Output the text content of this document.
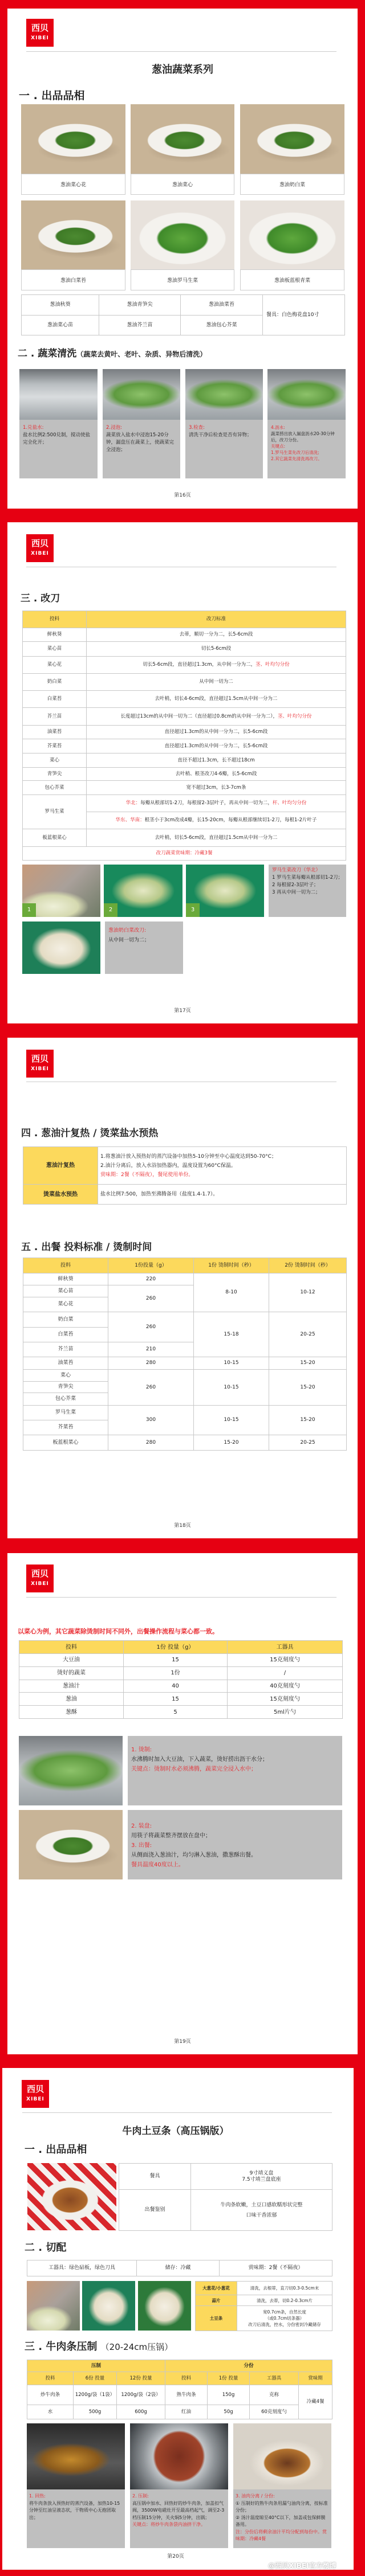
西贝
XIBEI
西贝
XIBEI
西贝
XIBEI
西贝
XIBEI
西贝
XIBEI
葱油蔬菜系列
一 . 出品品相
葱油菜心花	葱油菜心	葱油奶白菜
葱油白菜苔	葱油罗马生菜	葱油板蓝根青菜
葱油秋葵	葱油青笋尖	葱油油菜苔	餐具：白色梅花盘10寸
葱油菜心苗	葱油芥兰苗	葱油包心芥菜	
二 . 蔬菜清洗（蔬菜去黄叶、老叶、杂质、异物后清洗）
1.兑盐水:
盐水比例2:500兑制，搅动使盐完全化开；
2.浸泡:
蔬菜放入盐水中浸泡15-20分钟，漏盘压在蔬菜上，使蔬菜完全浸泡；
3.检查:
清洗干净后检查是否有异物；
4.沥水:
蔬菜捞出放入漏盘沥水20-30分钟后，改刀分份。
关键点:
1.罗马生菜先改刀后清洗;
2.其它蔬菜先清洗再改刀。
第16页
三 . 改刀
投料	改刀标准
鲜秋葵	去蒂，顺切一分为二，长5-6cm段
菜心苗	切长5-6cm段
菜心花	切长5-6cm段，直径超过1.3cm，从中间一分为二，茎、叶均匀分份
奶白菜	从中间一切为二
白菜苔	去叶梢，切长4-6cm段，直径超过1.5cm从中间一分为二
芥兰苗	长度超过13cm的从中间一切为二（直径超过0.8cm的从中间一分为二），茎、叶均匀分份
油菜苔	直径超过1.3cm的从中间一分为二，长5-6cm段
芥菜苔	直径超过1.3cm的从中间一分为二，长5-6cm段
菜心	直径不超过1.3cm，长不超过18cm
青笋尖	去叶梢、根茎改刀4-6瓣，长5-6cm段
包心芥菜	宽不超过3cm，长3-7cm条
罗马生菜	华北：每瓣从根部切1-2刀，每根留2-3层叶子，再从中间一切为二，杆、叶均匀分份
	华东、华南：根茎小于3cm改成4瓣，长15-20cm，每瓣从根部继续切1-2刀，每根1-2片叶子
板蓝根菜心	去叶梢，切长5-6cm段，直径超过1.5cm从中间一分为二
改刀蔬菜赏味期：冷藏3餐	
1	2	3
罗马生菜改刀（华北）
1 罗马生菜每瓣从根部切1-2刀；
2 每根留2-3层叶子；
3 再从中间一切为二；
葱油奶白菜改刀:
从中间一切为二；
第17页
四 . 葱油汁复热 / 烫菜盐水预热
葱油汁复热	1.将葱油汁放入预热好的蒸汽设备中加热5-10分钟至中心温度达到50-70°C；
2.油汁分离后，放入水浴加热器内，温度设置为60°C保温。
赏味期：2餐（不隔夜），餐尾使用单份。

烫菜盐水预热	盐水比例7:500，加热至沸腾备用（盐度1.4-1.7）。
五 . 出餐 投料标准 / 烫制时间
投料	1份投量（g）	1份 烫制时间（秒）	2份 烫制时间（秒）
鲜秋葵	220	8-10	10-12
菜心苗	260		
菜心花			
奶白菜	260	15-18	20-25
白菜苔			
芥兰苗	210		
油菜苔	280	10-15	15-20
菜心	260	10-15	15-20
青笋尖			
包心芥菜			
罗马生菜	300	10-15	15-20
芥菜苔			
板蓝根菜心	280	15-20	20-25
第18页
以菜心为例，其它蔬菜除烫制时间不同外，出餐操作流程与菜心都一致。
投料	1份 投量（g）	工器具
大豆油	15	15克刻度勺
烫好的蔬菜	1份	/
葱油汁	40	40克刻度勺
葱油	15	15克刻度勺
葱酥	5	5ml片勺
1. 烫制:
水沸腾时加入大豆油，下入蔬菜，烫好捞出沥干水分；
关键点：烫制时水必须沸腾，蔬菜完全浸入水中；
2. 装盘:
用筷子将蔬菜整齐摆放在盘中；
3. 出餐:
从侧面浇入葱油汁，均匀淋入葱油，撒葱酥出餐。
餐具温度40度以上。
第19页
牛肉土豆条（高压锅版）
一 . 出品品相
餐具	9寸靖义盘
7.5寸靖兰盘底座

出餐鉴别	牛肉条软嫩，土豆口感软糯形状完整
口味干香浓郁
二 . 切配
工器具：绿色砧板，绿色刀具	储存：冷藏	赏味期：2餐（不隔夜）
大葱花/小葱花	清洗，去根蒂，直刀切0.3-0.5cm末
蒜片	清洗，去蒂，切0.2-0.3cm片
土豆条	宽0.7cm条，自然长度
（或0.7cm切条器）
改刀后清洗，控水，分份密封冷藏储存
三 . 牛肉条压制 （20-24cm压锅）
压制			分份			
投料	6份 投量	12份 投量	投料	1份 投量	工器具	赏味期
炒牛肉条	1200g/袋（1袋）	1200g/袋（2袋）	熟牛肉条	150g	克称	冷藏4餐
水	500g	600g	红油	50g	60克刻度勺	
1. 回热:
将牛肉条放入预热好的蒸汽设备，加热10-15分钟至红油呈液态状，干物质中心无抱团取出；
2. 压制:
高压锅中加水、回热好的炒牛肉条，加盖扣气阀，3500W电磁灶开至最高档起气，调至2-3档压制15分钟，关火焖5分钟，出锅；
关键点：将炒牛肉条袋内油挤干净。
3. 油肉分离 / 分份:
① 压制好的熟牛肉条用漏勺油肉分离，按标准分份；
② 汤汁温度晾至40°C以下，加盖或包保鲜膜备用。
注：分份后将剩余油汁平均分配到每份中。赏味期：冷藏4餐
第20页
@西贝XIBEI官方微博
